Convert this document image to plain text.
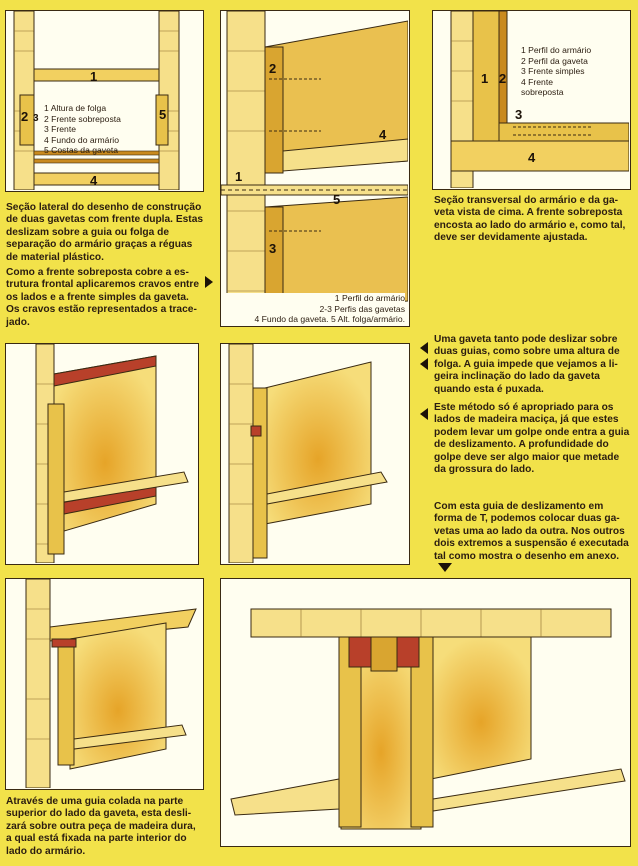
1
2 3	5
4
1 Altura de folga
2 Frente sobreposta
3 Frente
4 Fundo do armário
5 Costas da gaveta
2
4
1
5
3
1 Perfil do armário
2-3 Perfis das gavetas
4 Fundo da gaveta. 5 Alt. folga/armário.
1 2
3
4
1 Perfil do armário
2 Perfil da gaveta
3 Frente simples
4 Frente
sobreposta
Seção lateral do desenho de construção de duas gavetas com frente dupla. Estas deslizam sobre a guia ou folga de separação do armário graças a réguas de material plástico.
Como a frente sobreposta cobre a estrutura frontal aplicaremos cravos entre os lados e a frente simples da gaveta. Os cravos estão representados a tracejado.
Seção transversal do armário e da gaveta vista de cima. A frente sobreposta encosta ao lado do armário e, como tal, deve ser devidamente ajustada.
Uma gaveta tanto pode deslizar sobre duas guias, como sobre uma altura de folga. A guia impede que vejamos a ligeira inclinação do lado da gaveta quando esta é puxada.
Este método só é apropriado para os lados de madeira maciça, já que estes podem levar um golpe onde entra a guia de deslizamento. A profundidade do golpe deve ser algo maior que metade da grossura do lado.
Com esta guia de deslizamento em forma de T, podemos colocar duas gavetas uma ao lado da outra. Nos outros dois extremos a suspensão é executada tal como mostra o desenho em anexo.
Através de uma guia colada na parte superior do lado da gaveta, esta deslizará sobre outra peça de madeira dura, a qual está fixada na parte interior do lado do armário.
